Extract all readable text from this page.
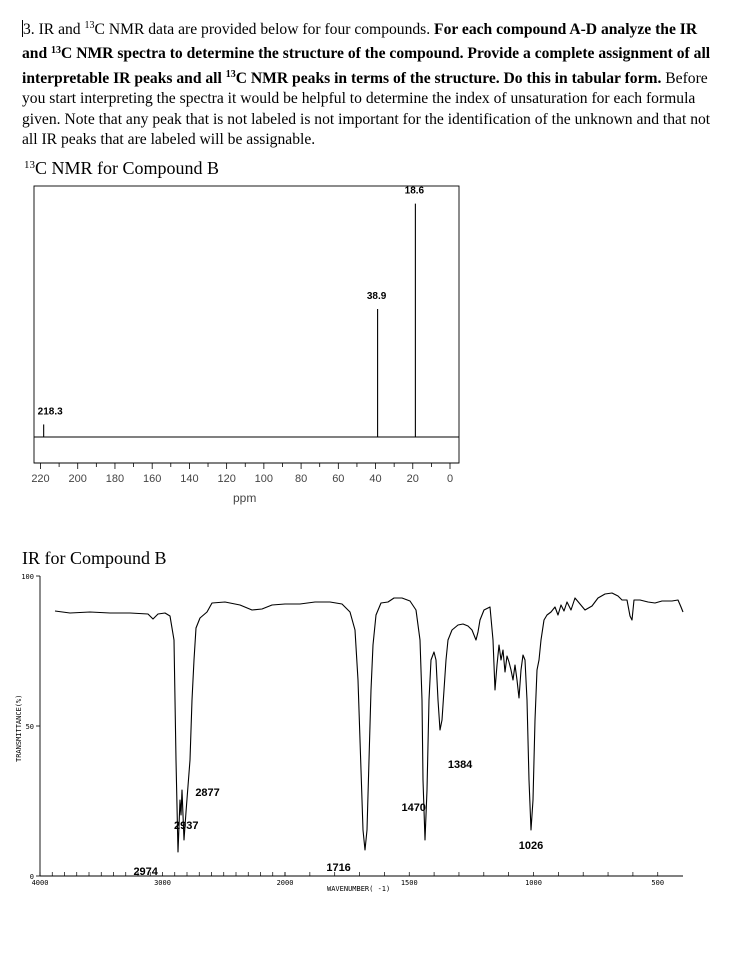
3. IR and $^{13}$C NMR data are provided below for four compounds. For each compound A-D analyze the IR and $^{13}$C NMR spectra to determine the structure of the compound. Provide a complete assignment of all interpretable IR peaks and all $^{13}$C NMR peaks in terms of the structure. Do this in tabular form. Before you start interpreting the spectra it would be helpful to determine the index of unsaturation for each formula given. Note that any peak that is not labeled is not important for the identification of the unknown and that not all IR peaks that are labeled will be assignable.
$^{13}$C NMR for Compound B
IR for Compound B
220 200 180 160 140 120 100 80 60 40 20	0
218.3
38.9
18.6
ppm
4000	3000	2000	1500	1000	500
0
50
100
TRANSMITTANCE(%)
WAVENUMBER( -1)
2974
2937
2877
1716
1470
1384
1026
